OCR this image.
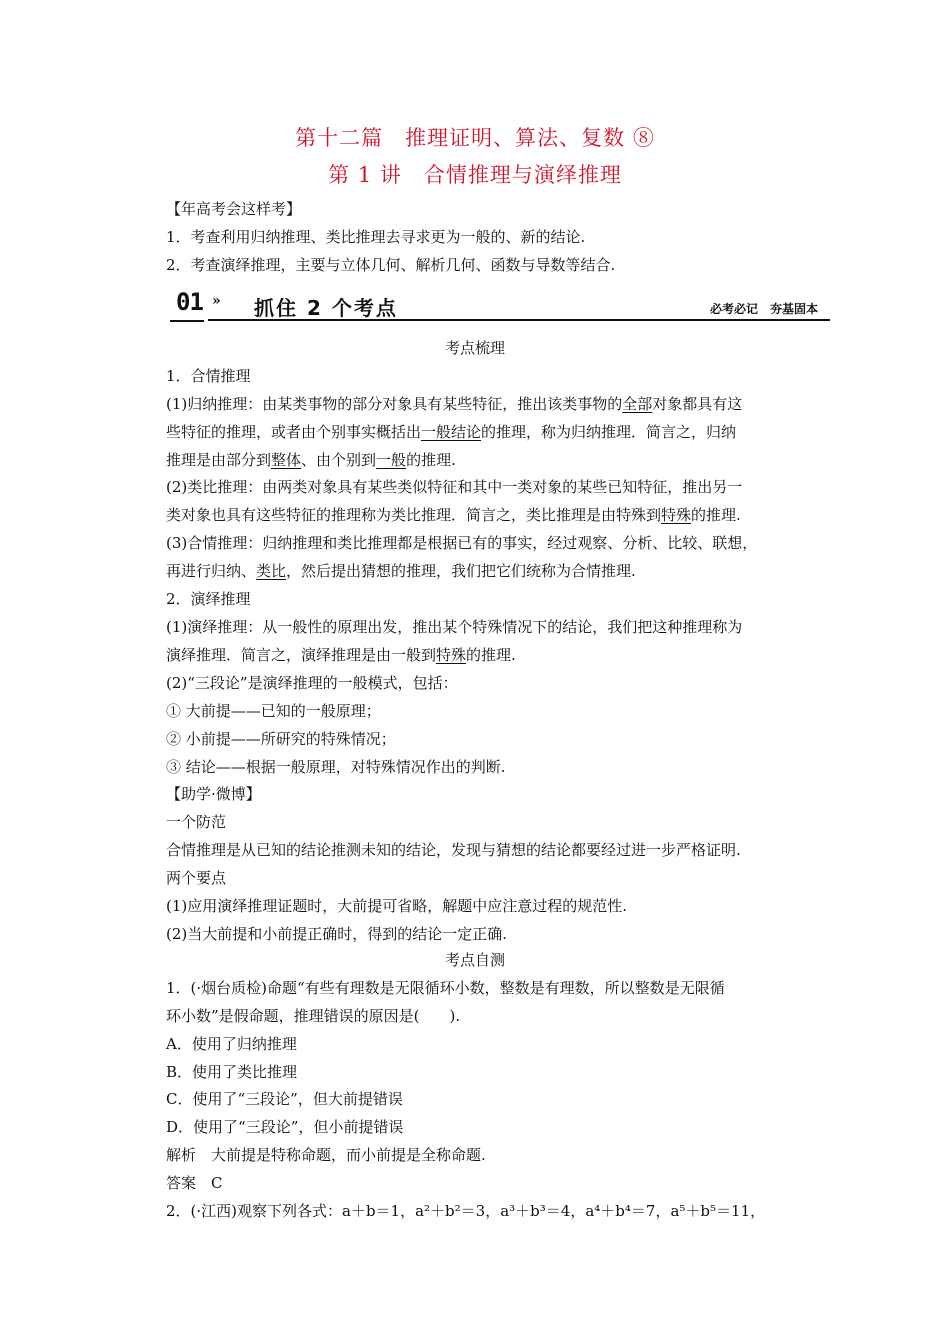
第十二篇　推理证明、算法、复数 ⑧
第 1 讲　合情推理与演绎推理
【年高考会这样考】
1．考查利用归纳推理、类比推理去寻求更为一般的、新的结论.
2．考查演绎推理，主要与立体几何、解析几何、函数与导数等结合.
01 » 抓住 2 个考点	必考必记　夯基固本
考点梳理
1．合情推理
(1)归纳推理：由某类事物的部分对象具有某些特征，推出该类事物的全部对象都具有这
些特征的推理，或者由个别事实概括出一般结论的推理，称为归纳推理．简言之，归纳
推理是由部分到整体、由个别到一般的推理.
(2)类比推理：由两类对象具有某些类似特征和其中一类对象的某些已知特征，推出另一
类对象也具有这些特征的推理称为类比推理．简言之，类比推理是由特殊到特殊的推理.
(3)合情推理：归纳推理和类比推理都是根据已有的事实，经过观察、分析、比较、联想，
再进行归纳、类比，然后提出猜想的推理，我们把它们统称为合情推理.
2．演绎推理
(1)演绎推理：从一般性的原理出发，推出某个特殊情况下的结论，我们把这种推理称为
演绎推理．简言之，演绎推理是由一般到特殊的推理.
(2)“三段论”是演绎推理的一般模式，包括：
① 大前提——已知的一般原理；
② 小前提——所研究的特殊情况；
③ 结论——根据一般原理，对特殊情况作出的判断.
【助学·微博】
一个防范
合情推理是从已知的结论推测未知的结论，发现与猜想的结论都要经过进一步严格证明.
两个要点
(1)应用演绎推理证题时，大前提可省略，解题中应注意过程的规范性.
(2)当大前提和小前提正确时，得到的结论一定正确.
考点自测
1．(·烟台质检)命题“有些有理数是无限循环小数，整数是有理数，所以整数是无限循
环小数”是假命题，推理错误的原因是(　　).
A．使用了归纳推理
B．使用了类比推理
C．使用了“三段论”，但大前提错误
D．使用了“三段论”，但小前提错误
解析　大前提是特称命题，而小前提是全称命题.
答案　C
2．(·江西)观察下列各式：a＋b＝1，a²＋b²＝3，a³＋b³＝4，a⁴＋b⁴＝7，a⁵＋b⁵＝11，
